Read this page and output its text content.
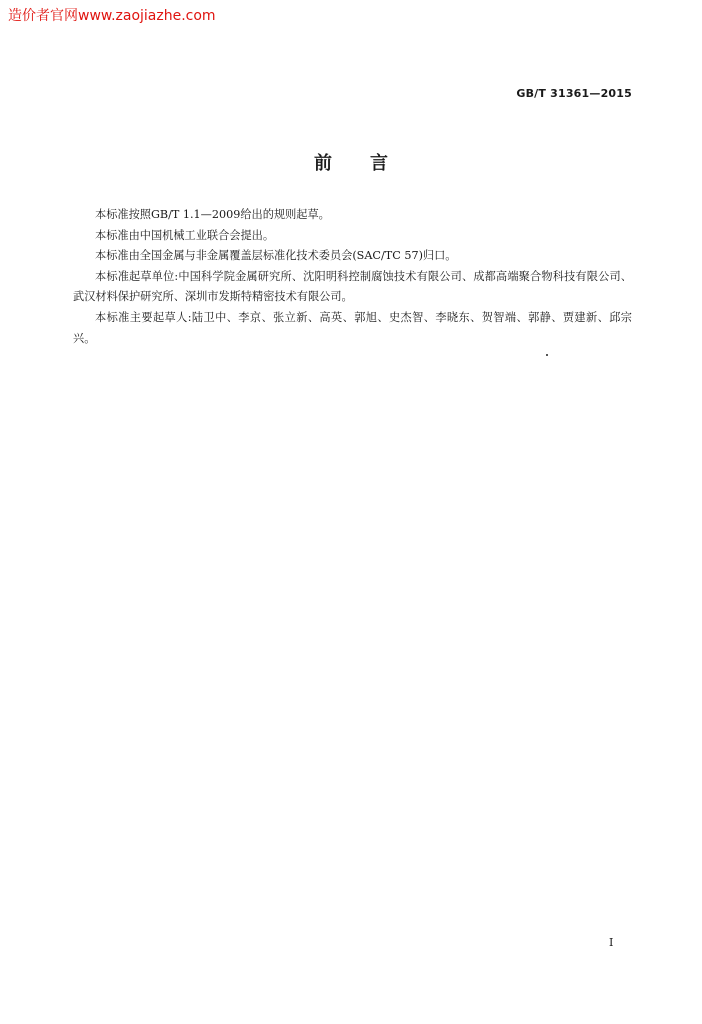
造价者官网www.zaojiazhe.com
GB/T 31361—2015
前言

本标准按照GB/T 1.1—2009给出的规则起草。

本标准由中国机械工业联合会提出。

本标准由全国金属与非金属覆盖层标准化技术委员会(SAC/TC 57)归口。

本标准起草单位:中国科学院金属研究所、沈阳明科控制腐蚀技术有限公司、成都高端聚合物科技有限公司、武汉材料保护研究所、深圳市发斯特精密技术有限公司。

本标准主要起草人:陆卫中、李京、张立新、高英、郭旭、史杰智、李晓东、贺智端、郭静、贾建新、邱宗兴。

I
